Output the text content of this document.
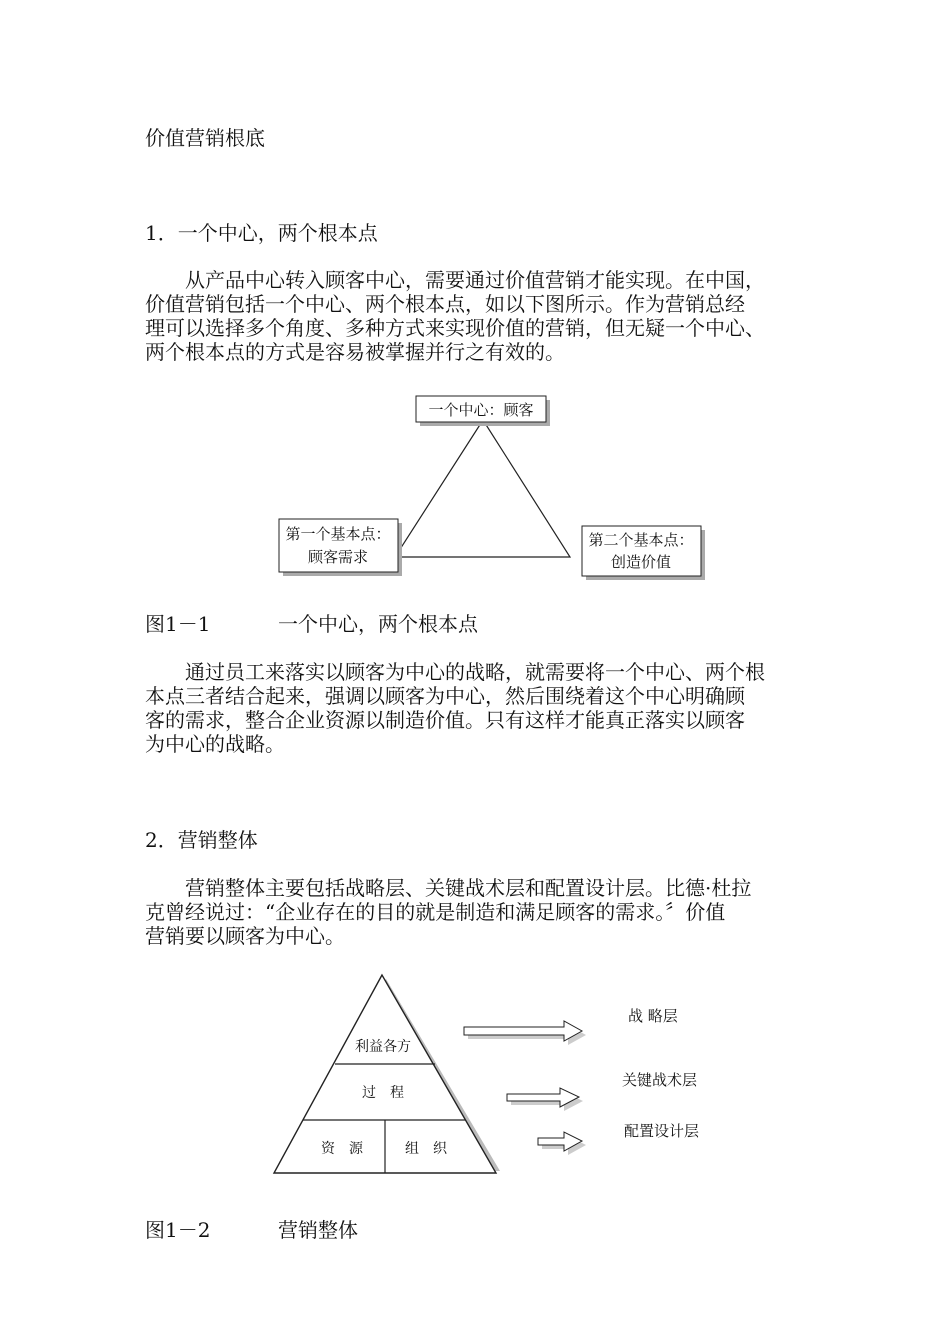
价值营销根底
1．一个中心，两个根本点

　　从产品中心转入顾客中心，需要通过价值营销才能实现。在中国，

价值营销包括一个中心、两个根本点，如以下图所示。作为营销总经

理可以选择多个角度、多种方式来实现价值的营销，但无疑一个中心、

两个根本点的方式是容易被掌握并行之有效的。

一个中心：顾客
第一个基本点：
顾客需求
第二个基本点：
创造价值
图1－1	一个中心，两个根本点

　　通过员工来落实以顾客为中心的战略，就需要将一个中心、两个根

本点三者结合起来，强调以顾客为中心，然后围绕着这个中心明确顾

客的需求，整合企业资源以制造价值。只有这样才能真正落实以顾客

为中心的战略。

2．营销整体

　　营销整体主要包括战略层、关键战术层和配置设计层。比德·杜拉

克曾经说过：“企业存在的目的就是制造和满足顾客的需求。〞价值

营销要以顾客为中心。

利益各方
过　程
资　源	组　织
战 略层
关键战术层
配置设计层
图1－2	营销整体
